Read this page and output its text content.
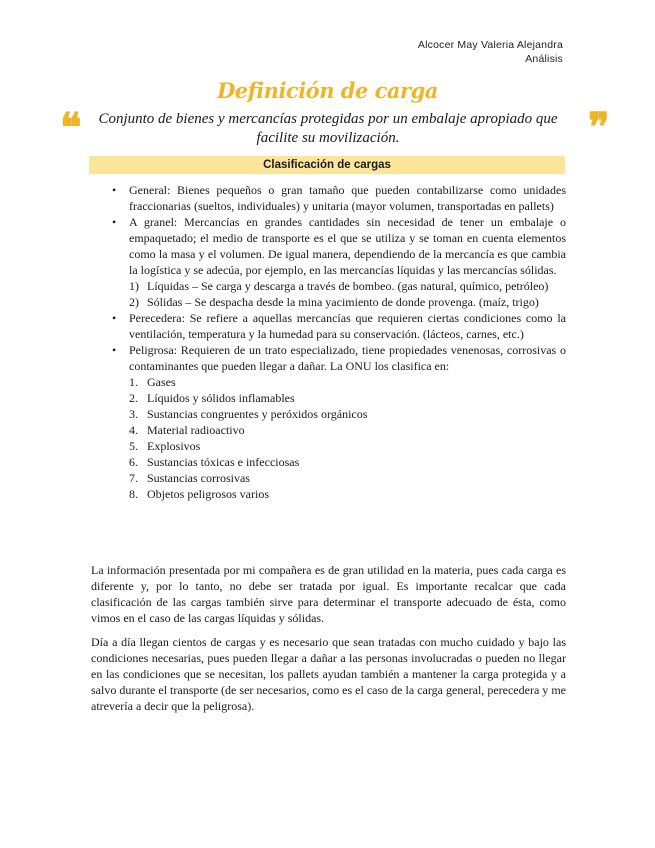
Alcocer May Valeria Alejandra
Análisis
Definición de carga
❝	Conjunto de bienes y mercancías protegidas por un embalaje apropiado que facilite su movilización.	❞
Clasificación de cargas
• General: Bienes pequeños o gran tamaño que pueden contabilizarse como unidades fraccionarias (sueltos, individuales) y unitaria (mayor volumen, transportadas en pallets)
• A granel: Mercancías en grandes cantidades sin necesidad de tener un embalaje o empaquetado; el medio de transporte es el que se utiliza y se toman en cuenta elementos como la masa y el volumen. De igual manera, dependiendo de la mercancía es que cambia la logística y se adecúa, por ejemplo, en las mercancías líquidas y las mercancías sólidas.
1) Líquidas – Se carga y descarga a través de bombeo. (gas natural, químico, petróleo)
2) Sólidas – Se despacha desde la mina yacimiento de donde provenga. (maíz, trigo)
• Perecedera: Se refiere a aquellas mercancías que requieren ciertas condiciones como la ventilación, temperatura y la humedad para su conservación. (lácteos, carnes, etc.)
• Peligrosa: Requieren de un trato especializado, tiene propiedades venenosas, corrosivas o contaminantes que pueden llegar a dañar. La ONU los clasifica en:
1. Gases
2. Líquidos y sólidos inflamables
3. Sustancias congruentes y peróxidos orgánicos
4. Material radioactivo
5. Explosivos
6. Sustancias tóxicas e infecciosas
7. Sustancias corrosivas
8. Objetos peligrosos varios

La información presentada por mi compañera es de gran utilidad en la materia, pues cada carga es diferente y, por lo tanto, no debe ser tratada por igual. Es importante recalcar que cada clasificación de las cargas también sirve para determinar el transporte adecuado de ésta, como vimos en el caso de las cargas líquidas y sólidas.

Día a día llegan cientos de cargas y es necesario que sean tratadas con mucho cuidado y bajo las condiciones necesarias, pues pueden llegar a dañar a las personas involucradas o pueden no llegar en las condiciones que se necesitan, los pallets ayudan también a mantener la carga protegida y a salvo durante el transporte (de ser necesarios, como es el caso de la carga general, perecedera y me atrevería a decir que la peligrosa).
